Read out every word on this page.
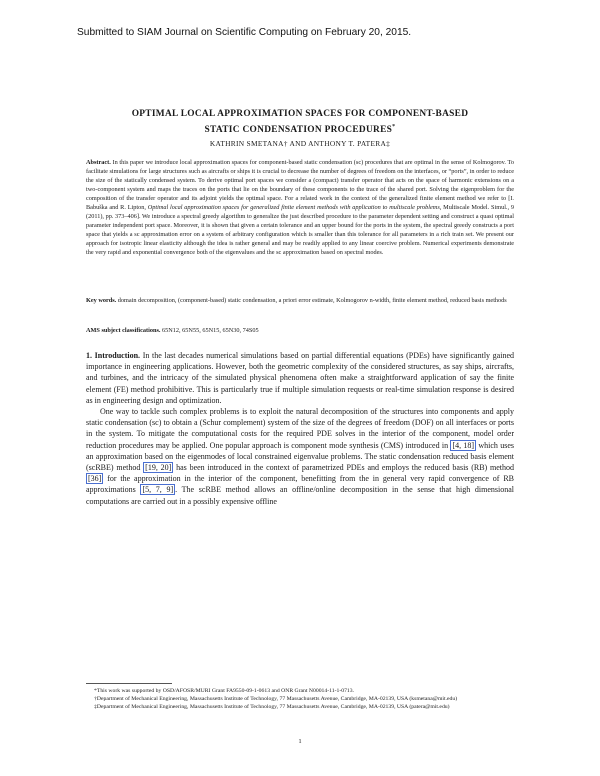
Submitted to SIAM Journal on Scientific Computing on February 20, 2015.
OPTIMAL LOCAL APPROXIMATION SPACES FOR COMPONENT-BASED
STATIC CONDENSATION PROCEDURES*
KATHRIN SMETANA† AND ANTHONY T. PATERA‡
Abstract. In this paper we introduce local approximation spaces for component-based static condensation (sc) procedures that are optimal in the sense of Kolmogorov. To facilitate simulations for large structures such as aircrafts or ships it is crucial to decrease the number of degrees of freedom on the interfaces, or “ports”, in order to reduce the size of the statically condensed system. To derive optimal port spaces we consider a (compact) transfer operator that acts on the space of harmonic extensions on a two-component system and maps the traces on the ports that lie on the boundary of these components to the trace of the shared port. Solving the eigenproblem for the composition of the transfer operator and its adjoint yields the optimal space. For a related work in the context of the generalized finite element method we refer to [I. Babuška and R. Lipton, Optimal local approximation spaces for generalized finite element methods with application to multiscale problems, Multiscale Model. Simul., 9 (2011), pp. 373–406]. We introduce a spectral greedy algorithm to generalize the just described procedure to the parameter dependent setting and construct a quasi optimal parameter independent port space. Moreover, it is shown that given a certain tolerance and an upper bound for the ports in the system, the spectral greedy constructs a port space that yields a sc approximation error on a system of arbitrary configuration which is smaller than this tolerance for all parameters in a rich train set. We present our approach for isotropic linear elasticity although the idea is rather general and may be readily applied to any linear coercive problem. Numerical experiments demonstrate the very rapid and exponential convergence both of the eigenvalues and the sc approximation based on spectral modes.
Key words. domain decomposition, (component-based) static condensation, a priori error estimate, Kolmogorov n-width, finite element method, reduced basis methods
AMS subject classifications. 65N12, 65N55, 65N15, 65N30, 74S05

1. Introduction. In the last decades numerical simulations based on partial differential equations (PDEs) have significantly gained importance in engineering applications. However, both the geometric complexity of the considered structures, as say ships, aircrafts, and turbines, and the intricacy of the simulated physical phenomena often make a straightforward application of say the finite element (FE) method prohibitive. This is particularly true if multiple simulation requests or real-time simulation response is desired as in engineering design and optimization.

One way to tackle such complex problems is to exploit the natural decomposition of the structures into components and apply static condensation (sc) to obtain a (Schur complement) system of the size of the degrees of freedom (DOF) on all interfaces or ports in the system. To mitigate the computational costs for the required PDE solves in the interior of the component, model order reduction procedures may be applied. One popular approach is component mode synthesis (CMS) introduced in [4, 18] which uses an approximation based on the eigenmodes of local constrained eigenvalue problems. The static condensation reduced basis element (scRBE) method [19, 20] has been introduced in the context of parametrized PDEs and employs the reduced basis (RB) method [36] for the approximation in the interior of the component, benefitting from the in general very rapid convergence of RB approximations [5, 7, 9] . The scRBE method allows an offline/online decomposition in the sense that high dimensional computations are carried out in a possibly expensive offline

*This work was supported by OSD/AFOSR/MURI Grant FA9550-09-1-0613 and ONR Grant N00014-11-1-0713.
†Department of Mechanical Engineering, Massachusetts Institute of Technology, 77 Massachusetts Avenue, Cambridge, MA-02139, USA (ksmetana@mit.edu)
‡Department of Mechanical Engineering, Massachusetts Institute of Technology, 77 Massachusetts Avenue, Cambridge, MA-02139, USA (patera@mit.edu)
1
